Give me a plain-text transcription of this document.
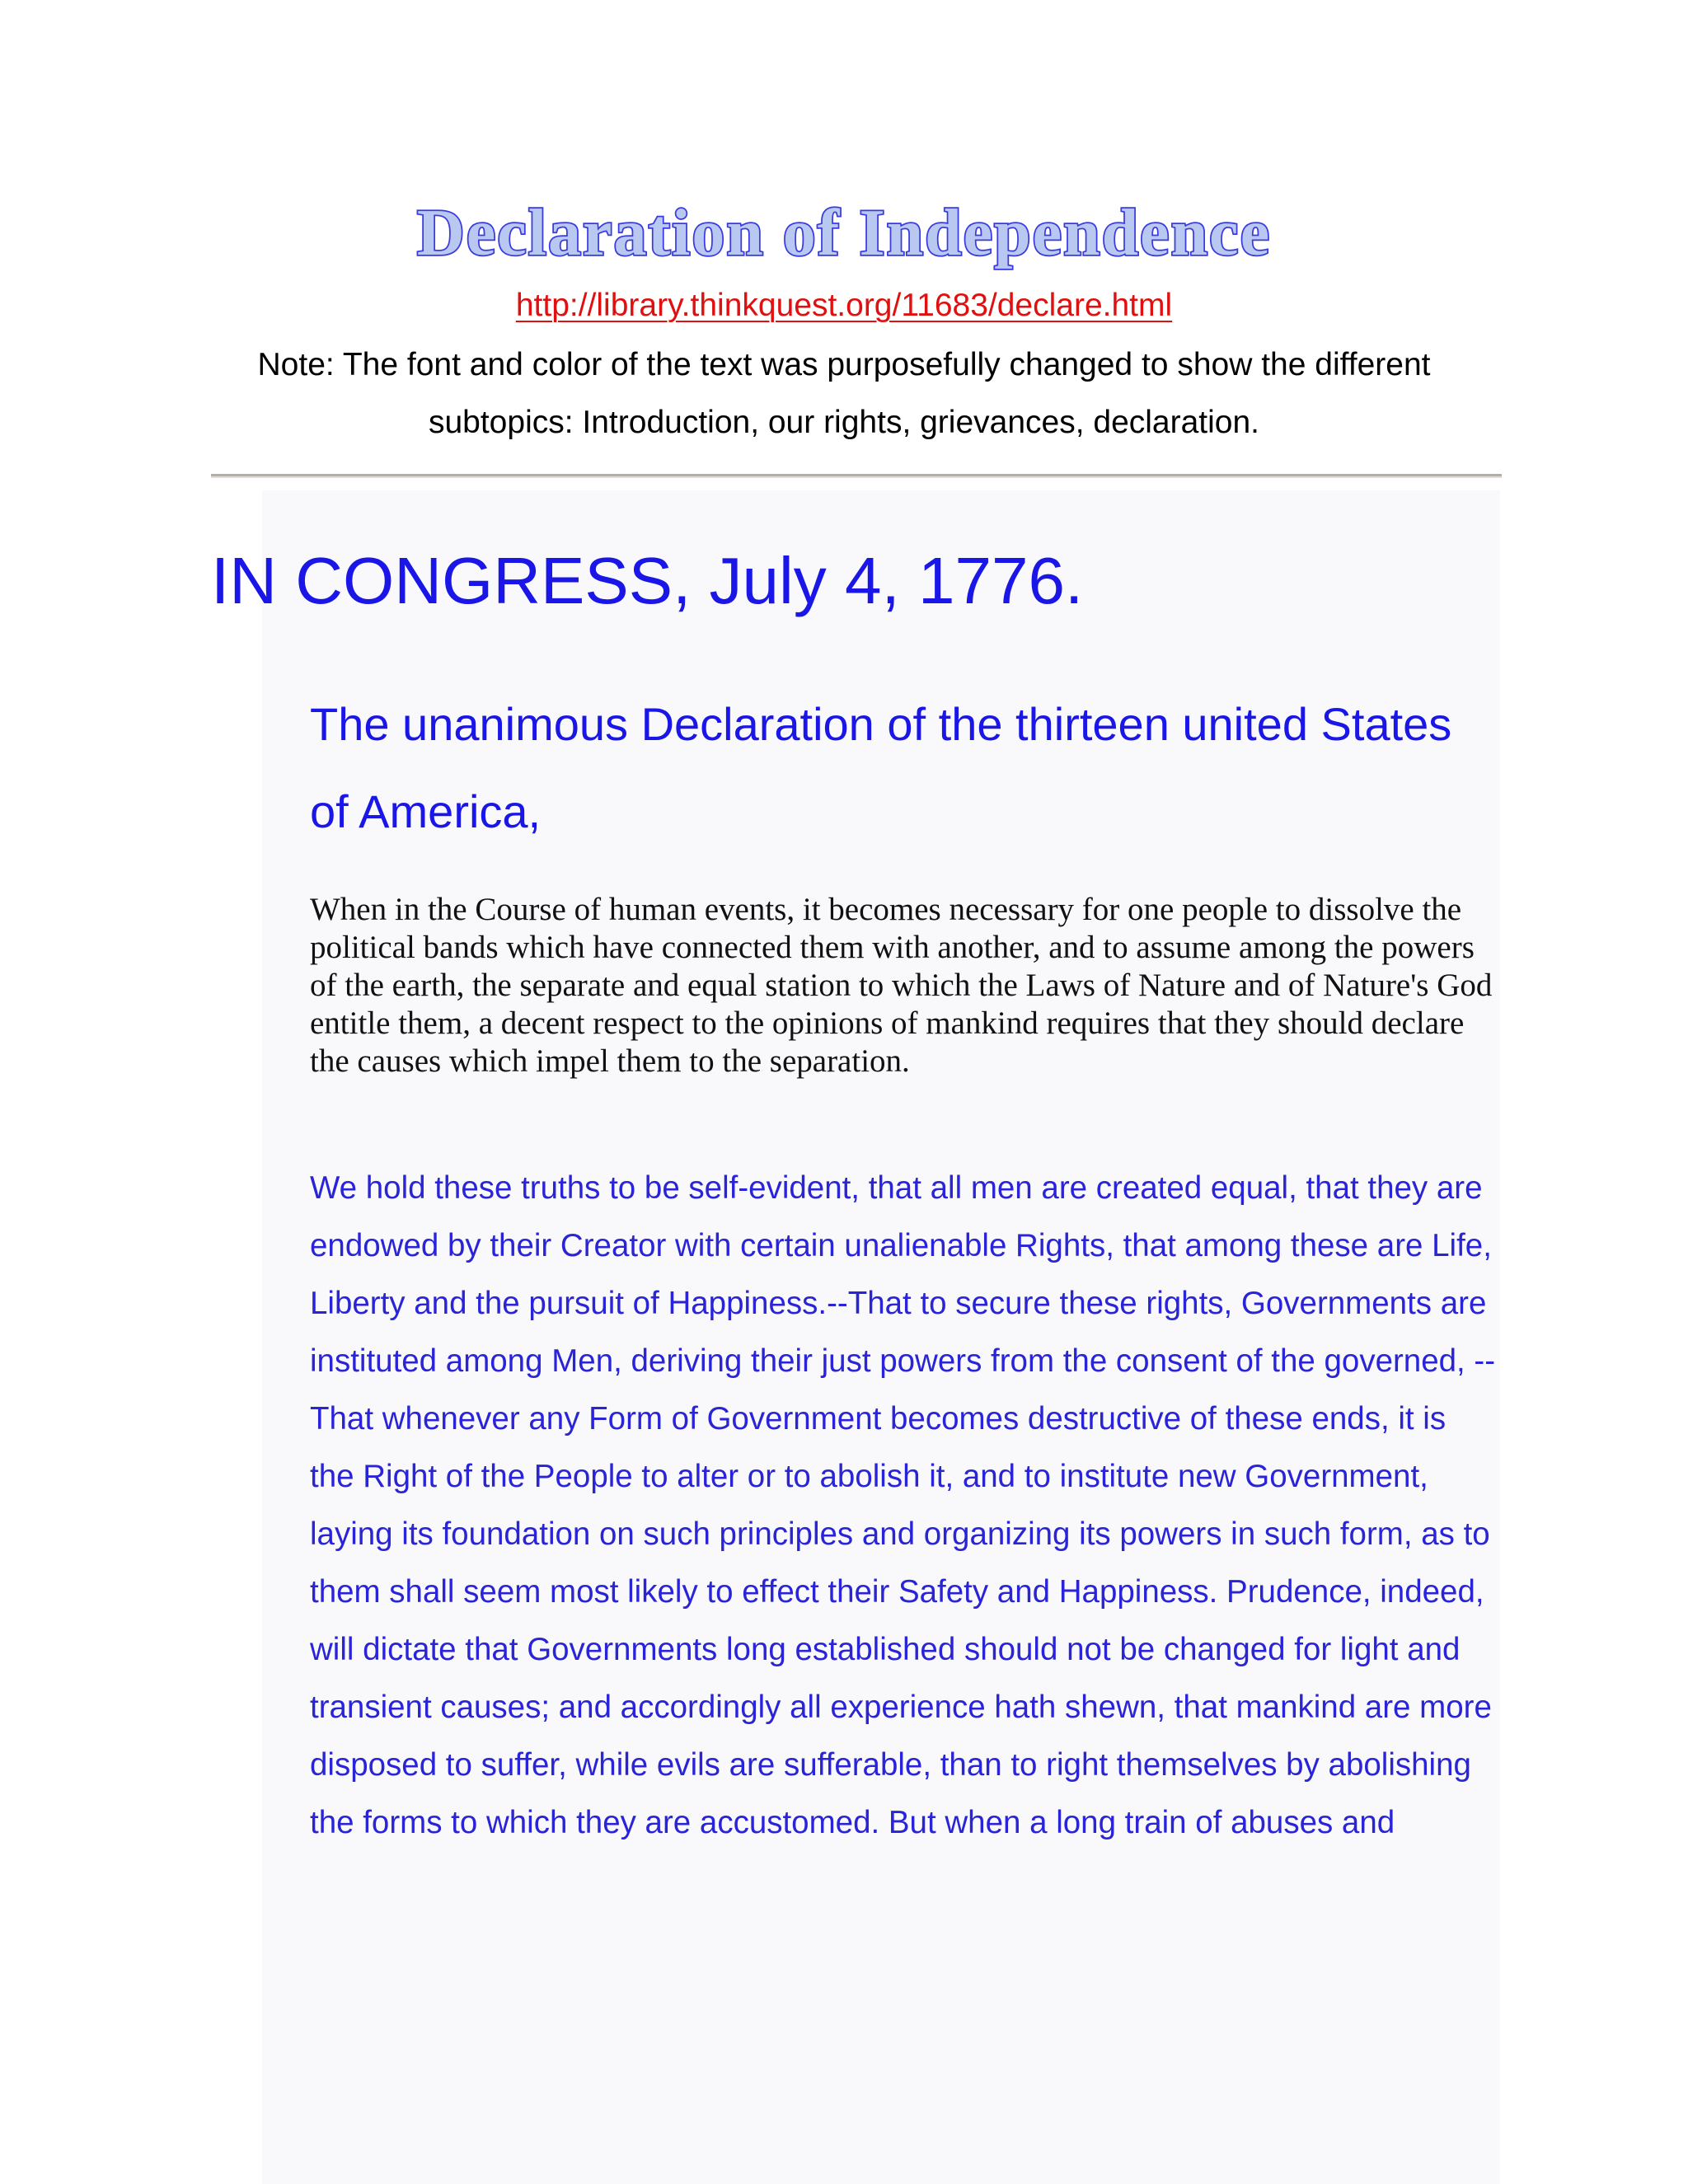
Declaration of Independence
http://library.thinkquest.org/11683/declare.html
Note: The font and color of the text was purposefully changed to show the different subtopics: Introduction, our rights, grievances, declaration.
IN CONGRESS, July 4, 1776.
The unanimous Declaration of the thirteen united States of America,

When in the Course of human events, it becomes necessary for one people to dissolve the political bands which have connected them with another, and to assume among the powers of the earth, the separate and equal station to which the Laws of Nature and of Nature's God entitle them, a decent respect to the opinions of mankind requires that they should declare the causes which impel them to the separation.

We hold these truths to be self-evident, that all men are created equal, that they are endowed by their Creator with certain unalienable Rights, that among these are Life, Liberty and the pursuit of Happiness.--That to secure these rights, Governments are instituted among Men, deriving their just powers from the consent of the governed, --That whenever any Form of Government becomes destructive of these ends, it is the Right of the People to alter or to abolish it, and to institute new Government, laying its foundation on such principles and organizing its powers in such form, as to them shall seem most likely to effect their Safety and Happiness. Prudence, indeed, will dictate that Governments long established should not be changed for light and transient causes; and accordingly all experience hath shewn, that mankind are more disposed to suffer, while evils are sufferable, than to right themselves by abolishing the forms to which they are accustomed. But when a long train of abuses and
